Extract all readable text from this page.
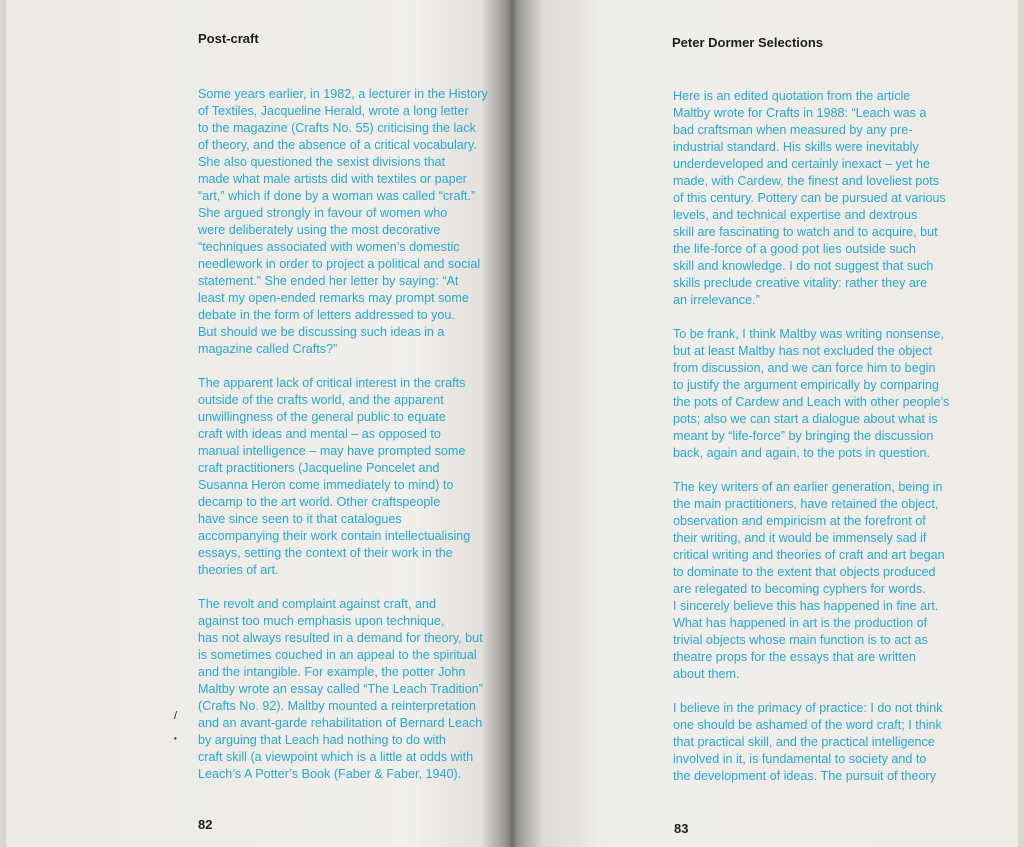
Post-craft

Some years earlier, in 1982, a lecturer in the History
of Textiles, Jacqueline Herald, wrote a long letter
to the magazine (Crafts No. 55) criticising the lack
of theory, and the absence of a critical vocabulary.
She also questioned the sexist divisions that
made what male artists did with textiles or paper
“art,” which if done by a woman was called “craft.”
She argued strongly in favour of women who
were deliberately using the most decorative
“techniques associated with women’s domestic
needlework in order to project a political and social
statement.” She ended her letter by saying: “At
least my open-ended remarks may prompt some
debate in the form of letters addressed to you.
But should we be discussing such ideas in a
magazine called Crafts?”

The apparent lack of critical interest in the crafts
outside of the crafts world, and the apparent
unwillingness of the general public to equate
craft with ideas and mental – as opposed to
manual intelligence – may have prompted some
craft practitioners (Jacqueline Poncelet and
Susanna Heron come immediately to mind) to
decamp to the art world. Other craftspeople
have since seen to it that catalogues
accompanying their work contain intellectualising
essays, setting the context of their work in the
theories of art.

The revolt and complaint against craft, and
against too much emphasis upon technique,
has not always resulted in a demand for theory, but
is sometimes couched in an appeal to the spiritual
and the intangible. For example, the potter John
Maltby wrote an essay called “The Leach Tradition”
(Crafts No. 92). Maltby mounted a reinterpretation
and an avant-garde rehabilitation of Bernard Leach
by arguing that Leach had nothing to do with
craft skill (a viewpoint which is a little at odds with
Leach’s A Potter’s Book (Faber & Faber, 1940).

/
•
82
Peter Dormer Selections

Here is an edited quotation from the article
Maltby wrote for Crafts in 1988: “Leach was a
bad craftsman when measured by any pre-
industrial standard. His skills were inevitably
underdeveloped and certainly inexact – yet he
made, with Cardew, the finest and loveliest pots
of this century. Pottery can be pursued at various
levels, and technical expertise and dextrous
skill are fascinating to watch and to acquire, but
the life-force of a good pot lies outside such
skill and knowledge. I do not suggest that such
skills preclude creative vitality: rather they are
an irrelevance.”

To be frank, I think Maltby was writing nonsense,
but at least Maltby has not excluded the object
from discussion, and we can force him to begin
to justify the argument empirically by comparing
the pots of Cardew and Leach with other people’s
pots; also we can start a dialogue about what is
meant by “life-force” by bringing the discussion
back, again and again, to the pots in question.

The key writers of an earlier generation, being in
the main practitioners, have retained the object,
observation and empiricism at the forefront of
their writing, and it would be immensely sad if
critical writing and theories of craft and art began
to dominate to the extent that objects produced
are relegated to becoming cyphers for words.
I sincerely believe this has happened in fine art.
What has happened in art is the production of
trivial objects whose main function is to act as
theatre props for the essays that are written
about them.

I believe in the primacy of practice: I do not think
one should be ashamed of the word craft; I think
that practical skill, and the practical intelligence
involved in it, is fundamental to society and to
the development of ideas. The pursuit of theory

83
